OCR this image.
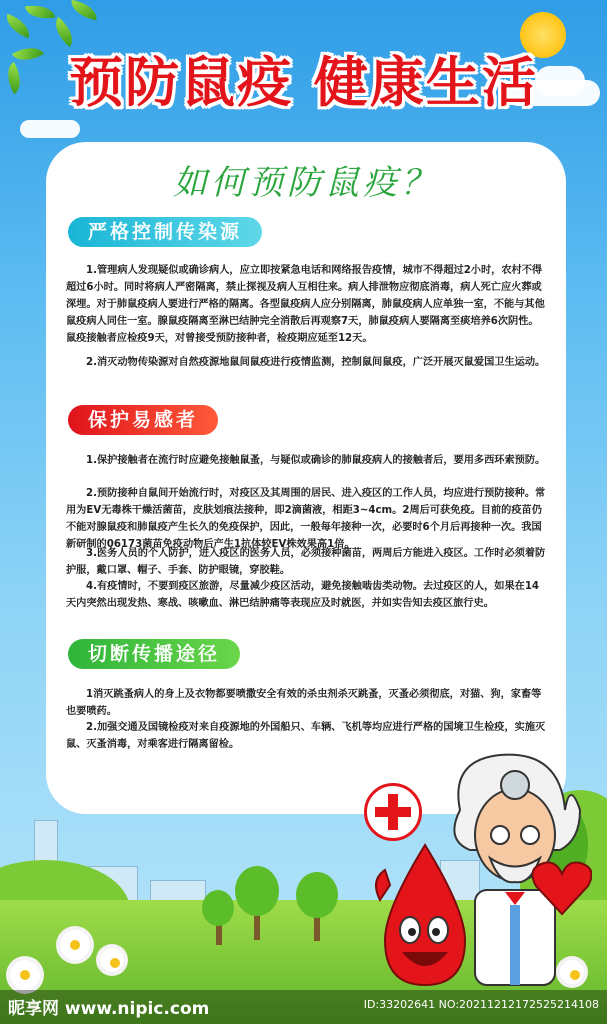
预防鼠疫 健康生活
如何预防鼠疫？
严格控制传染源

1.管理病人发现疑似或确诊病人，应立即按紧急电话和网络报告疫情，城市不得超过2小时，农村不得超过6小时。同时将病人严密隔离，禁止探视及病人互相往来。病人排泄物应彻底消毒，病人死亡应火葬或深埋。对于肺鼠疫病人要进行严格的隔离。各型鼠疫病人应分别隔离，肺鼠疫病人应单独一室，不能与其他鼠疫病人同住一室。腺鼠疫隔离至淋巴结肿完全消散后再观察7天，肺鼠疫病人要隔离至痰培养6次阴性。鼠疫接触者应检疫9天，对曾接受预防接种者，检疫期应延至12天。

2.消灭动物传染源对自然疫源地鼠间鼠疫进行疫情监测，控制鼠间鼠疫，广泛开展灭鼠爱国卫生运动。

保护易感者

1.保护接触者在流行时应避免接触鼠蚤，与疑似或确诊的肺鼠疫病人的接触者后，要用多西环索预防。

2.预防接种自鼠间开始流行时，对疫区及其周围的居民、进入疫区的工作人员，均应进行预防接种。常用为EV无毒株干燥活菌苗，皮肤划痕法接种，即2滴菌液，相距3~4cm。2周后可获免疫。目前的疫苗仍不能对腺鼠疫和肺鼠疫产生长久的免疫保护，因此，一般每年接种一次，必要时6个月后再接种一次。我国新研制的06173菌苗免疫动物后产生1抗体较EV株效果高1倍。

3.医务人员的个人防护，进入疫区的医务人员，必须接种菌苗，两周后方能进入疫区。工作时必须着防护服，戴口罩、帽子、手套、防护眼镜，穿胶鞋。

4.有疫情时，不要到疫区旅游，尽量减少疫区活动，避免接触啮齿类动物。去过疫区的人，如果在14天内突然出现发热、寒战、咳嗽血、淋巴结肿痛等表现应及时就医，并如实告知去疫区旅行史。

切断传播途径

1消灭跳蚤病人的身上及衣物都要喷撒安全有效的杀虫剂杀灭跳蚤，灭蚤必须彻底，对猫、狗，家畜等也要喷药。

2.加强交通及国镜检疫对来自疫源地的外国船只、车辆、飞机等均应进行严格的国境卫生检疫，实施灭鼠、灭蚤消毒，对乘客进行隔离留检。

昵享网 www.nipic.com	ID:33202641 NO:20211212172525214108
